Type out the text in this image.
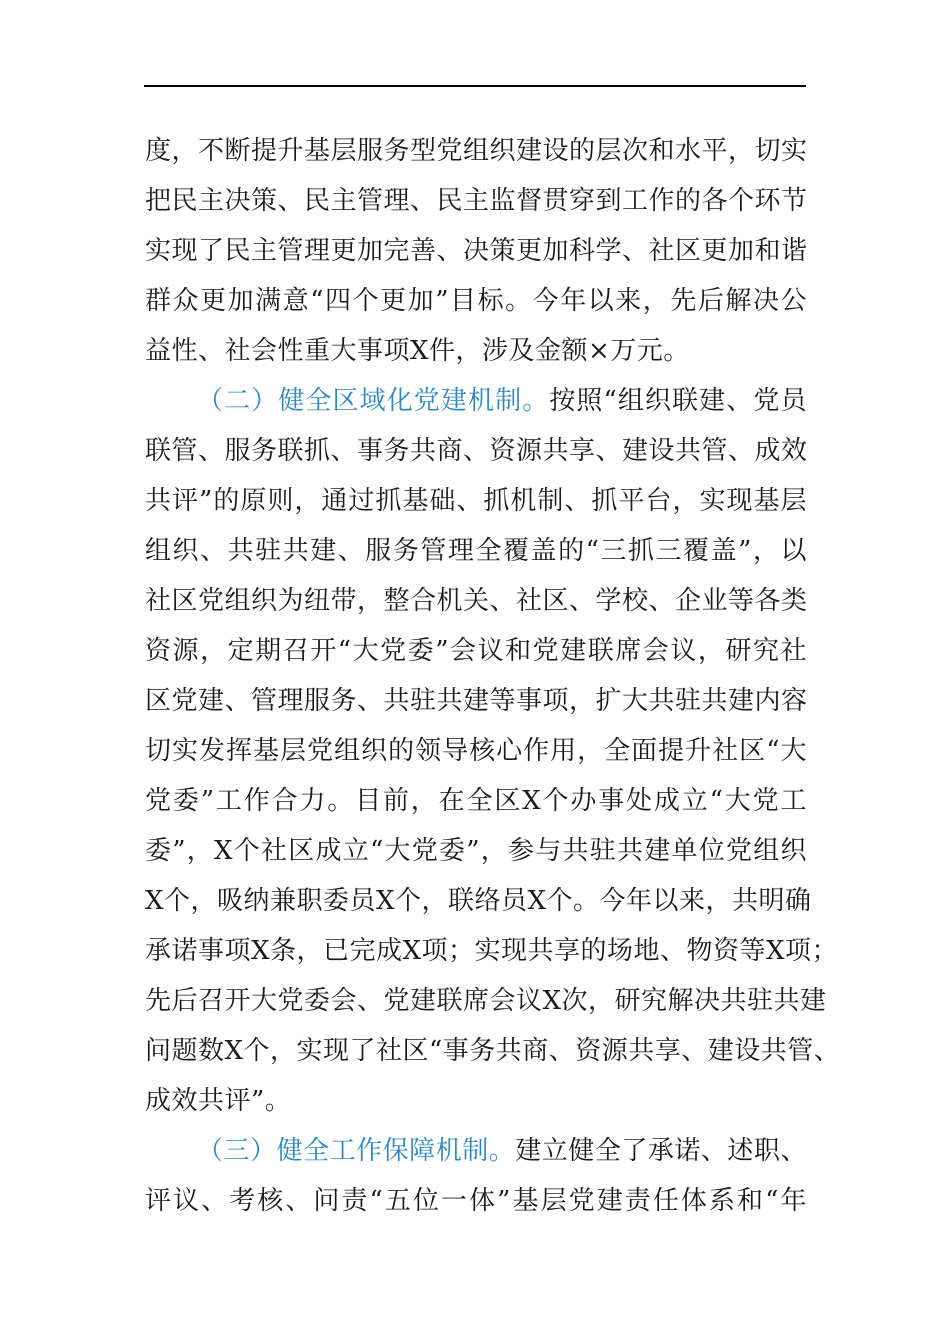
度，不断提升基层服务型党组织建设的层次和水平，切实
把民主决策、民主管理、民主监督贯穿到工作的各个环节
实现了民主管理更加完善、决策更加科学、社区更加和谐
群众更加满意“四个更加”目标。今年以来，先后解决公
益性、社会性重大事项X件，涉及金额×万元。
（二）健全区域化党建机制。按照“组织联建、党员
联管、服务联抓、事务共商、资源共享、建设共管、成效
共评”的原则，通过抓基础、抓机制、抓平台，实现基层
组织、共驻共建、服务管理全覆盖的“三抓三覆盖”，以
社区党组织为纽带，整合机关、社区、学校、企业等各类
资源，定期召开“大党委”会议和党建联席会议，研究社
区党建、管理服务、共驻共建等事项，扩大共驻共建内容
切实发挥基层党组织的领导核心作用，全面提升社区“大
党委”工作合力。目前，在全区X个办事处成立“大党工
委”，X个社区成立“大党委”，参与共驻共建单位党组织
X个，吸纳兼职委员X个，联络员X个。今年以来，共明确
承诺事项X条，已完成X项；实现共享的场地、物资等X项；
先后召开大党委会、党建联席会议X次，研究解决共驻共建
问题数X个，实现了社区“事务共商、资源共享、建设共管、
成效共评”。
（三）健全工作保障机制。建立健全了承诺、述职、
评议、考核、问责“五位一体”基层党建责任体系和“年
